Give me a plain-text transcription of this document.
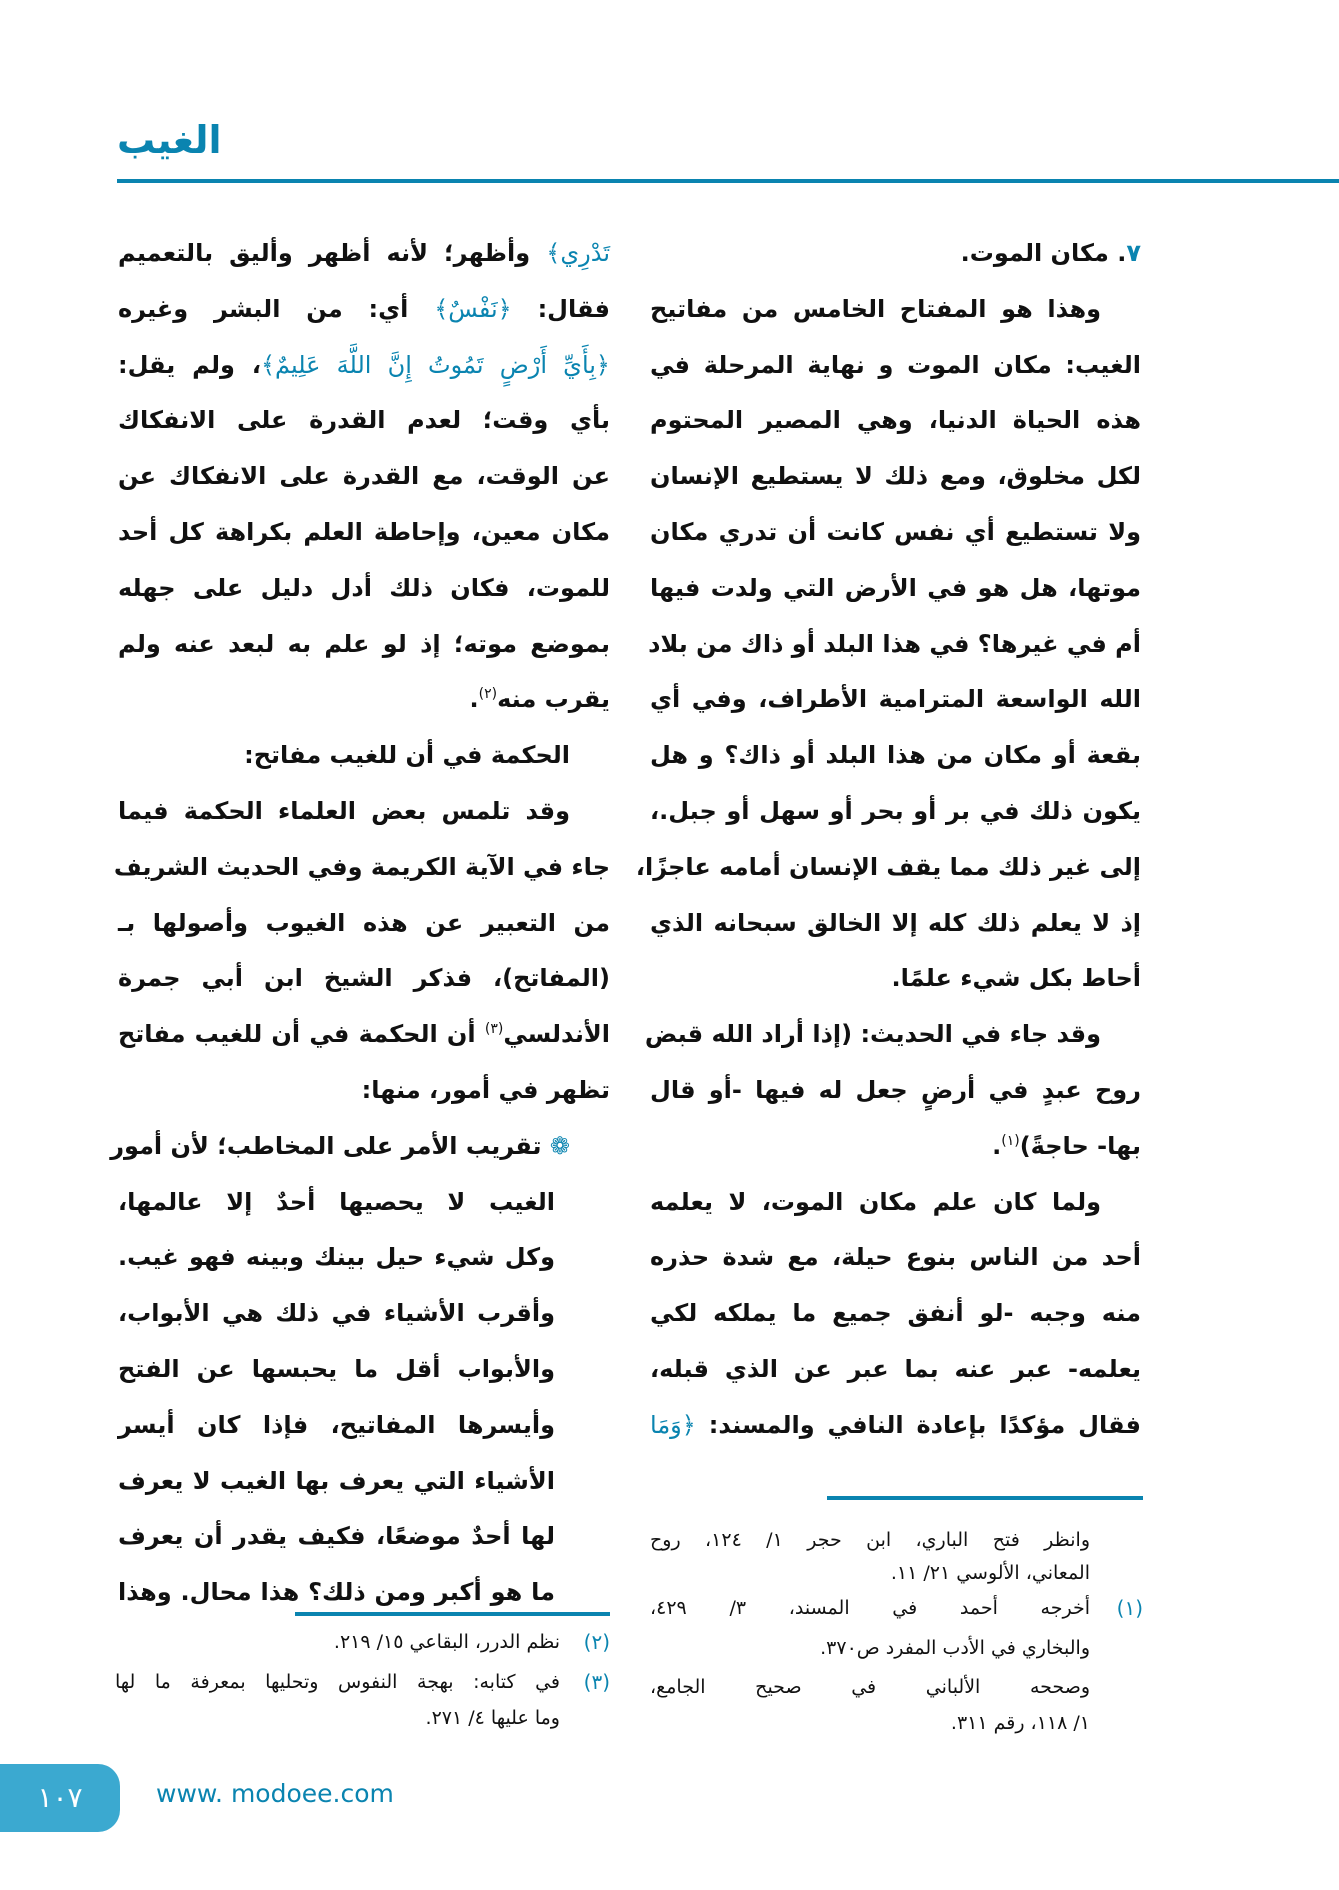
الغيب
٧. مكان الموت.
وهذا هو المفتاح الخامس من مفاتيح
الغيب: مكان الموت و نهاية المرحلة في
هذه الحياة الدنيا، وهي المصير المحتوم
لكل مخلوق، ومع ذلك لا يستطيع الإنسان
ولا تستطيع أي نفس كانت أن تدري مكان
موتها، هل هو في الأرض التي ولدت فيها
أم في غيرها؟ في هذا البلد أو ذاك من بلاد
الله الواسعة المترامية الأطراف، وفي أي
بقعة أو مكان من هذا البلد أو ذاك؟ و هل
يكون ذلك في بر أو بحر أو سهل أو جبل.،
إلى غير ذلك مما يقف الإنسان أمامه عاجزًا،
إذ لا يعلم ذلك كله إلا الخالق سبحانه الذي
أحاط بكل شيء علمًا.
وقد جاء في الحديث: (إذا أراد الله قبض
روح عبدٍ في أرضٍ جعل له فيها -أو قال
بها- حاجةً)$^{(١)}$.
ولما كان علم مكان الموت، لا يعلمه
أحد من الناس بنوع حيلة، مع شدة حذره
منه وجبه -لو أنفق جميع ما يملكه لكي
يعلمه- عبر عنه بما عبر عن الذي قبله،
فقال مؤكدًا بإعادة النافي والمسند: ﴿وَمَا
تَدْرِي﴾ وأظهر؛ لأنه أظهر وأليق بالتعميم
فقال: ﴿نَفْسٌ﴾ أي: من البشر وغيره
﴿بِأَيِّ أَرْضٍ تَمُوتُ إِنَّ اللَّهَ عَلِيمٌ﴾، ولم يقل:
بأي وقت؛ لعدم القدرة على الانفكاك
عن الوقت، مع القدرة على الانفكاك عن
مكان معين، وإحاطة العلم بكراهة كل أحد
للموت، فكان ذلك أدل دليل على جهله
بموضع موته؛ إذ لو علم به لبعد عنه ولم
يقرب منه$^{(٢)}$.
الحكمة في أن للغيب مفاتح:
وقد تلمس بعض العلماء الحكمة فيما
جاء في الآية الكريمة وفي الحديث الشريف
من التعبير عن هذه الغيوب وأصولها بـ
(المفاتح)، فذكر الشيخ ابن أبي جمرة
الأندلسي$^{(٣)}$ أن الحكمة في أن للغيب مفاتح
تظهر في أمور، منها:
❁ تقريب الأمر على المخاطب؛ لأن أمور
الغيب لا يحصيها أحدٌ إلا عالمها،
وكل شيء حيل بينك وبينه فهو غيب.
وأقرب الأشياء في ذلك هي الأبواب،
والأبواب أقل ما يحبسها عن الفتح
وأيسرها المفاتيح، فإذا كان أيسر
الأشياء التي يعرف بها الغيب لا يعرف
لها أحدٌ موضعًا، فكيف يقدر أن يعرف
ما هو أكبر ومن ذلك؟ هذا محال. وهذا
وانظر فتح الباري، ابن حجر ١/ ١٢٤، روح
المعاني، الألوسي ٢١/ ١١.
أخرجه أحمد في المسند، ٣/ ٤٢٩،
والبخاري في الأدب المفرد ص٣٧٠.
وصححه الألباني في صحيح الجامع،
١/ ١١٨، رقم ٣١١.
(١)
نظم الدرر، البقاعي ١٥/ ٢١٩.
في كتابه: بهجة النفوس وتحليها بمعرفة ما لها
وما عليها ٤/ ٢٧١.
(٢)
(٣)
١٠٧	www. modoee.com
